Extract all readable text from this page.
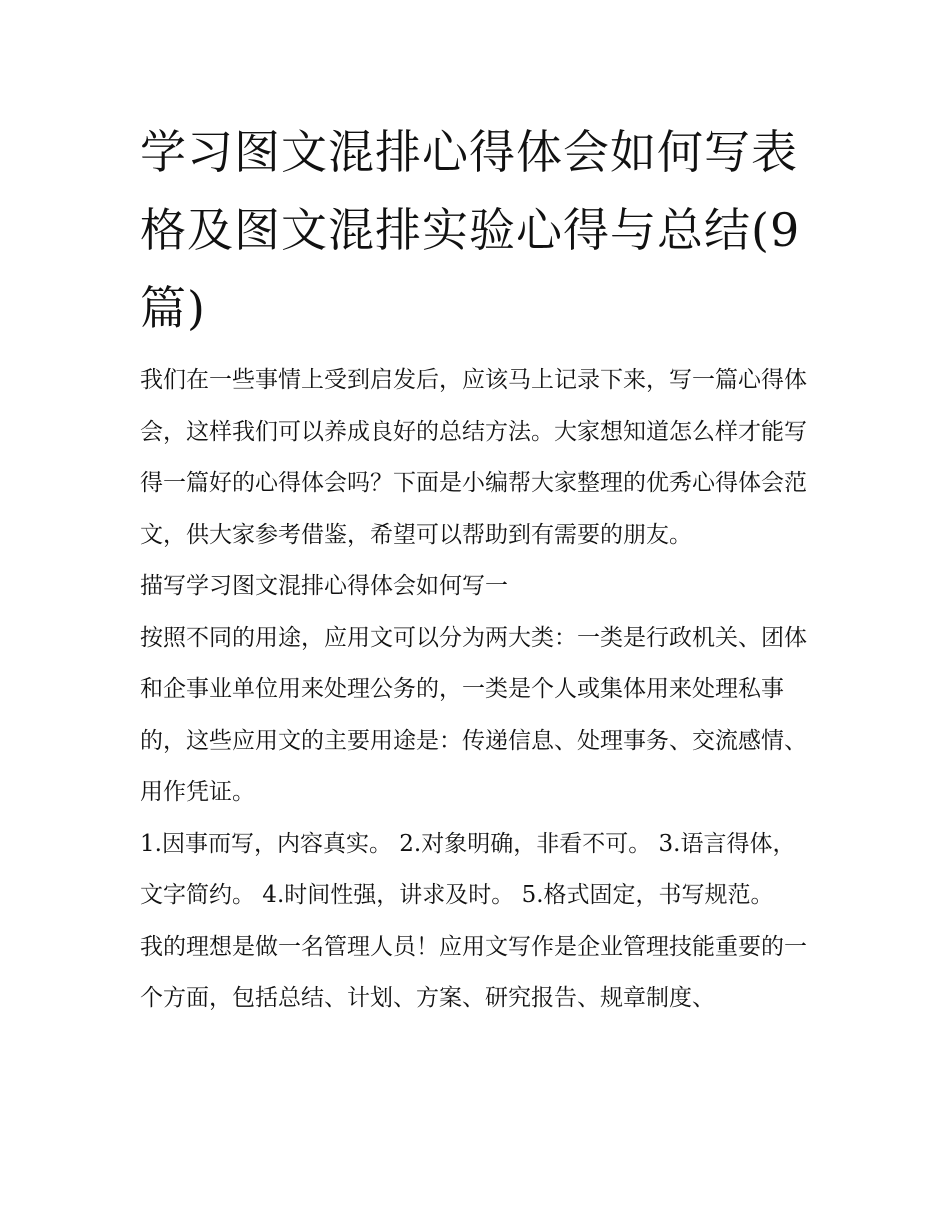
学习图文混排心得体会如何写表格及图文混排实验心得与总结(9篇)

我们在一些事情上受到启发后，应该马上记录下来，写一篇心得体会，这样我们可以养成良好的总结方法。大家想知道怎么样才能写得一篇好的心得体会吗？下面是小编帮大家整理的优秀心得体会范文，供大家参考借鉴，希望可以帮助到有需要的朋友。

描写学习图文混排心得体会如何写一

按照不同的用途，应用文可以分为两大类：一类是行政机关、团体和企事业单位用来处理公务的，一类是个人或集体用来处理私事的，这些应用文的主要用途是：传递信息、处理事务、交流感情、用作凭证。

1.因事而写，内容真实。 2.对象明确，非看不可。 3.语言得体，文字简约。 4.时间性强，讲求及时。 5.格式固定，书写规范。

我的理想是做一名管理人员！应用文写作是企业管理技能重要的一个方面，包括总结、计划、方案、研究报告、规章制度、
